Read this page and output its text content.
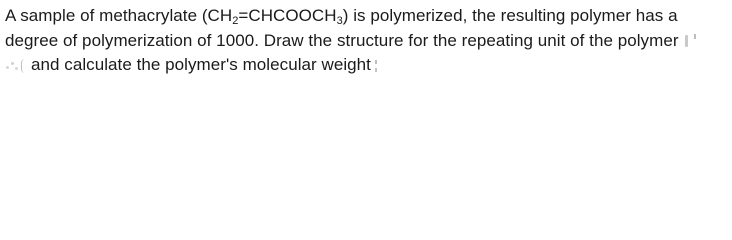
A sample of methacrylate (CH2=CHCOOCH3) is polymerized, the resulting polymer has a
degree of polymerization of 1000. Draw the structure for the repeating unit of the polymer
and calculate the polymer's molecular weight
